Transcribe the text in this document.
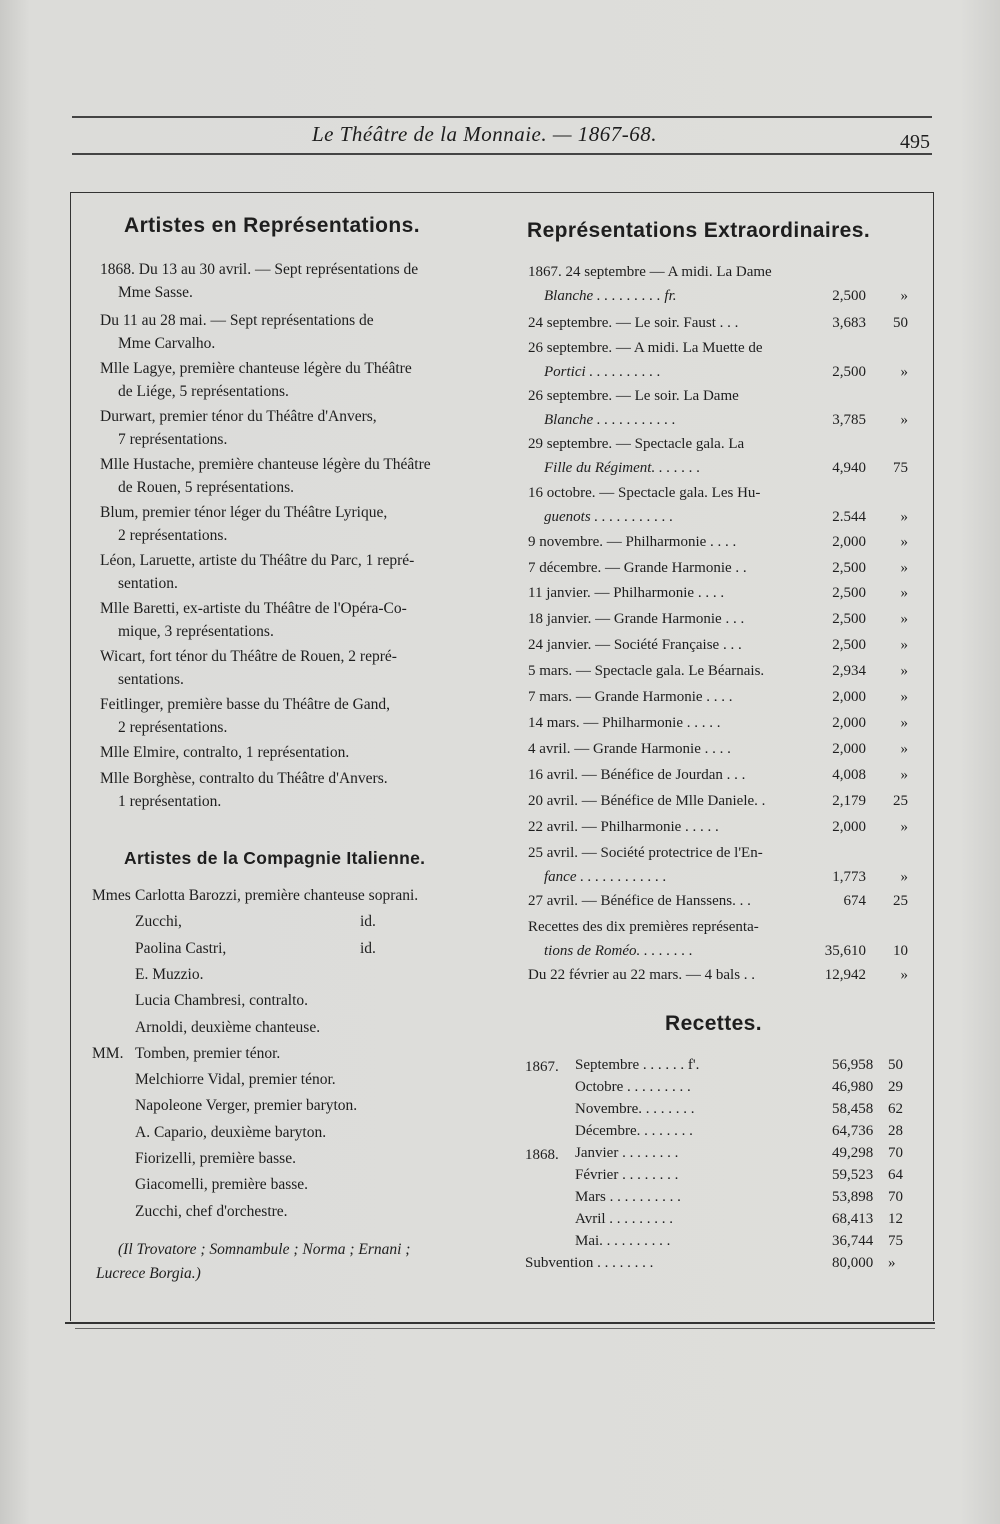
Le Théâtre de la Monnaie. — 1867-68.	495
Artistes en Représentations.
1868. Du 13 au 30 avril. — Sept représentations de
Mme Sasse.
Du 11 au 28 mai. — Sept représentations de
Mme Carvalho.
Mlle Lagye, première chanteuse légère du Théâtre
de Liége, 5 représentations.
Durwart, premier ténor du Théâtre d'Anvers,
7 représentations.
Mlle Hustache, première chanteuse légère du Théâtre
de Rouen, 5 représentations.
Blum, premier ténor léger du Théâtre Lyrique,
2 représentations.
Léon, Laruette, artiste du Théâtre du Parc, 1 repré-
sentation.
Mlle Baretti, ex-artiste du Théâtre de l'Opéra-Co-
mique, 3 représentations.
Wicart, fort ténor du Théâtre de Rouen, 2 repré-
sentations.
Feitlinger, première basse du Théâtre de Gand,
2 représentations.
Mlle Elmire, contralto, 1 représentation.
Mlle Borghèse, contralto du Théâtre d'Anvers.
1 représentation.
Artistes de la Compagnie Italienne.
Mmes Carlotta Barozzi, première chanteuse soprani.
Zucchi,	id.
Paolina Castri,	id.
E. Muzzio.
Lucia Chambresi, contralto.
Arnoldi, deuxième chanteuse.
MM. Tomben, premier ténor.
Melchiorre Vidal, premier ténor.
Napoleone Verger, premier baryton.
A. Capario, deuxième baryton.
Fiorizelli, première basse.
Giacomelli, première basse.
Zucchi, chef d'orchestre.
(Il Trovatore ; Somnambule ; Norma ; Ernani ;
Lucrece Borgia.)
Représentations Extraordinaires.
1867. 24 septembre — A midi. La Dame
Blanche . . . . . . . . . fr.	2,500	»
24 septembre. — Le soir. Faust . . .	3,683	50
26 septembre. — A midi. La Muette de
Portici . . . . . . . . . .	2,500	»
26 septembre. — Le soir. La Dame
Blanche . . . . . . . . . . .	3,785	»
29 septembre. — Spectacle gala. La
Fille du Régiment. . . . . . .	4,940	75
16 octobre. — Spectacle gala. Les Hu-
guenots . . . . . . . . . . .	2.544	»
9 novembre. — Philharmonie . . . .	2,000	»
7 décembre. — Grande Harmonie . .	2,500	»
11 janvier. — Philharmonie . . . .	2,500	»
18 janvier. — Grande Harmonie . . .	2,500	»
24 janvier. — Société Française . . .	2,500	»
5 mars. — Spectacle gala. Le Béarnais.	2,934	»
7 mars. — Grande Harmonie . . . .	2,000	»
14 mars. — Philharmonie . . . . .	2,000	»
4 avril. — Grande Harmonie . . . .	2,000	»
16 avril. — Bénéfice de Jourdan . . .	4,008	»
20 avril. — Bénéfice de Mlle Daniele. .	2,179	25
22 avril. — Philharmonie . . . . .	2,000	»
25 avril. — Société protectrice de l'En-
fance . . . . . . . . . . . .	1,773	»
27 avril. — Bénéfice de Hanssens. . .	674	25
Recettes des dix premières représenta-
tions de Roméo. . . . . . . .	35,610	10
Du 22 février au 22 mars. — 4 bals . .	12,942	»
Recettes.
1867. Septembre . . . . . . f'.	56,958 50
Octobre . . . . . . . . .	46,980 29
Novembre. . . . . . . .	58,458 62
Décembre. . . . . . . .	64,736 28
1868. Janvier . . . . . . . .	49,298 70
Février . . . . . . . .	59,523 64
Mars . . . . . . . . . .	53,898 70
Avril . . . . . . . . .	68,413 12
Mai. . . . . . . . . .	36,744 75
Subvention . . . . . . . .	80,000 »
